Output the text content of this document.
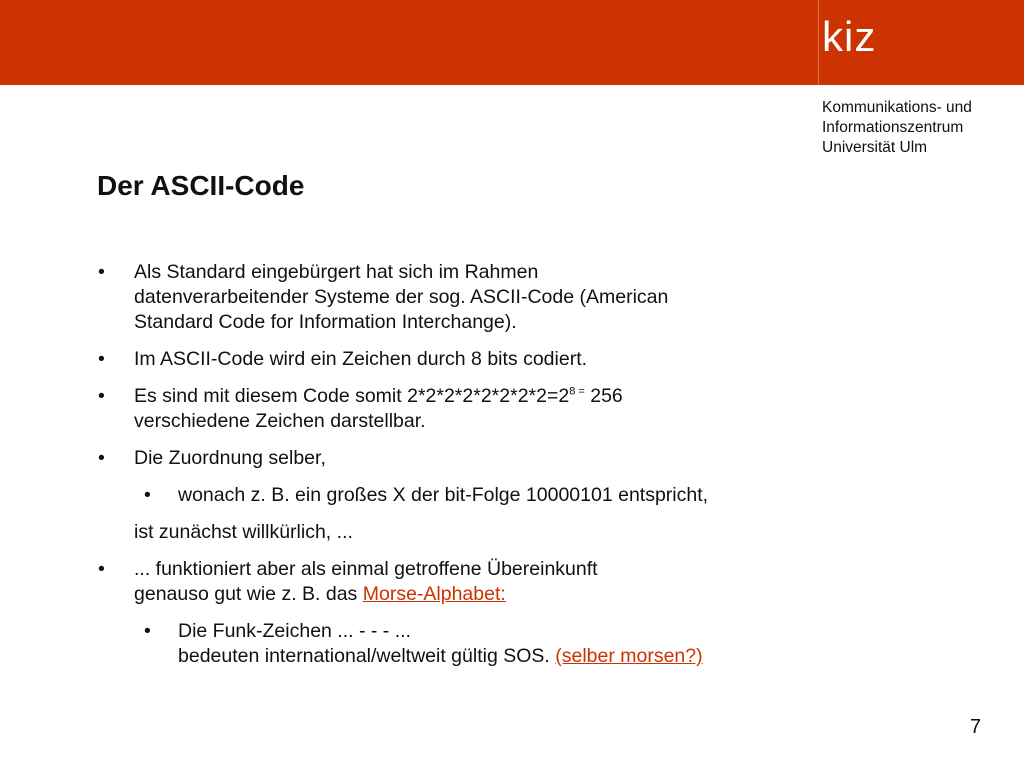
kiz
Kommunikations- und
Informationszentrum
Universität Ulm
Der ASCII-Code
• Als Standard eingebürgert hat sich im Rahmen
datenverarbeitender Systeme der sog. ASCII-Code (American
Standard Code for Information Interchange).
• Im ASCII-Code wird ein Zeichen durch 8 bits codiert.
• Es sind mit diesem Code somit $2*2*2*2*2*2*2*2=2^{8 =}$ 256
verschiedene Zeichen darstellbar.
• Die Zuordnung selber,
• wonach z. B. ein großes X der bit-Folge 10000101 entspricht,
ist zunächst willkürlich, ...
• ... funktioniert aber als einmal getroffene Übereinkunft
genauso gut wie z. B. das Morse-Alphabet:
• Die Funk-Zeichen ... - - - ...
bedeuten international/weltweit gültig SOS. (selber morsen?)
7
